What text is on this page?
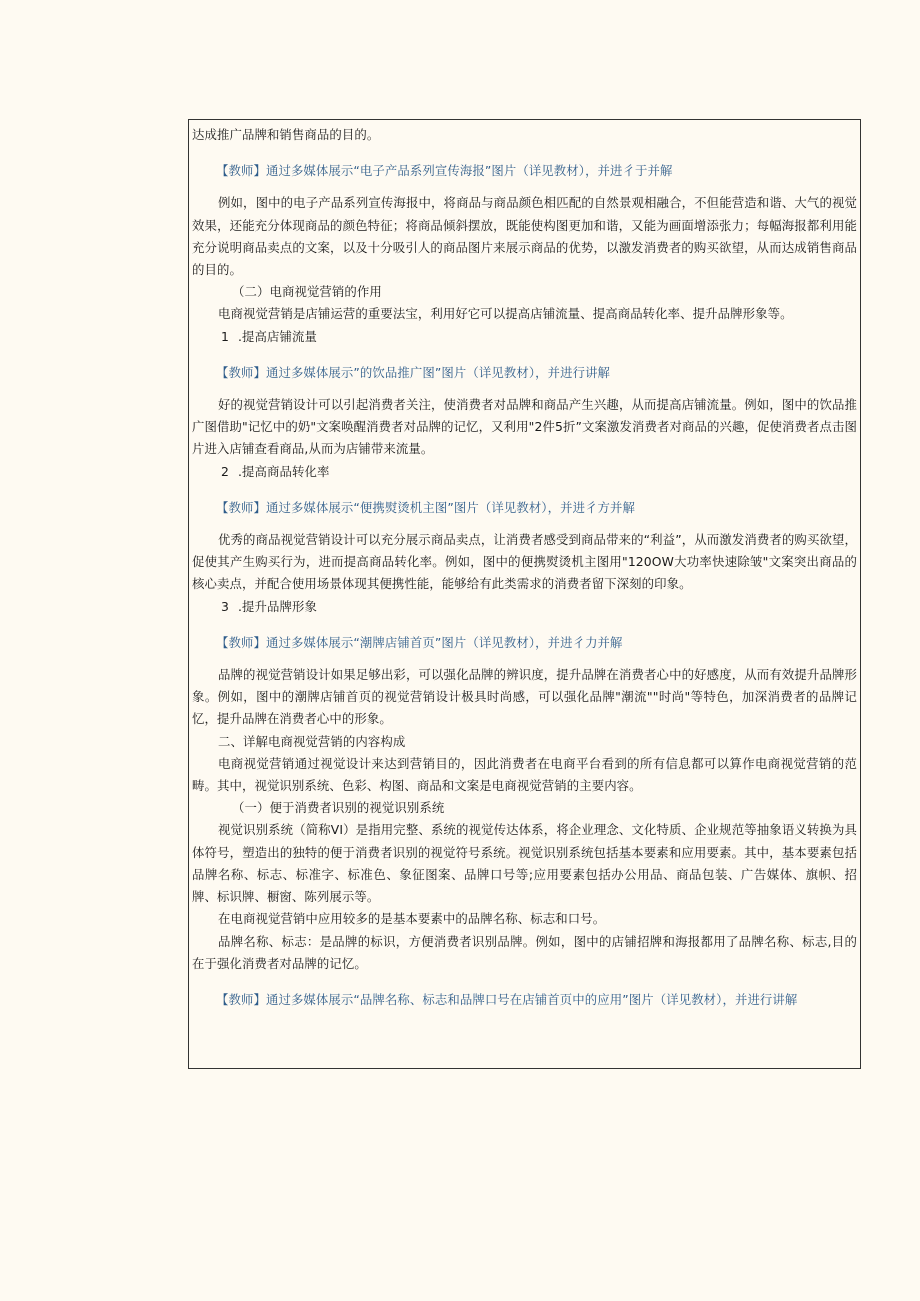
达成推广品牌和销售商品的目的。

【教师】通过多媒体展示“电子产品系列宣传海报”图片（详见教材），并进彳于并解

例如，图中的电子产品系列宣传海报中，将商品与商品颜色相匹配的自然景观相融合，不但能营造和谐、大气的视觉效果，还能充分体现商品的颜色特征；将商品倾斜摆放，既能使构图更加和谐，又能为画面增添张力；每幅海报都利用能充分说明商品卖点的文案，以及十分吸引人的商品图片来展示商品的优势，以激发消费者的购买欲望，从而达成销售商品的目的。

（二）电商视觉营销的作用

电商视觉营销是店铺运营的重要法宝，利用好它可以提高店铺流量、提高商品转化率、提升品牌形象等。

1 .提高店铺流量

【教师】通过多媒体展示”的饮品推广图”图片（详见教材），并进行讲解

好的视觉营销设计可以引起消费者关注，使消费者对品牌和商品产生兴趣，从而提高店铺流量。例如，图中的饮品推广图借助"记忆中的奶"文案唤醒消费者对品牌的记忆，又利用"2件5折”文案激发消费者对商品的兴趣，促使消费者点击图片进入店铺查看商品,从而为店铺带来流量。

2 .提高商品转化率

【教师】通过多媒体展示“便携熨烫机主图”图片（详见教材），并进彳方并解

优秀的商品视觉营销设计可以充分展示商品卖点，让消费者感受到商品带来的“利益”，从而激发消费者的购买欲望，促使其产生购买行为，进而提高商品转化率。例如，图中的便携熨烫机主图用"120OW大功率快速除皱"文案突出商品的核心卖点，并配合使用场景体现其便携性能，能够给有此类需求的消费者留下深刻的印象。

3 .提升品牌形象

【教师】通过多媒体展示“潮牌店铺首页”图片（详见教材），并进彳力并解

品牌的视觉营销设计如果足够出彩，可以强化品牌的辨识度，提升品牌在消费者心中的好感度，从而有效提升品牌形象。例如，图中的潮牌店铺首页的视觉营销设计极具时尚感，可以强化品牌"潮流""时尚"等特色，加深消费者的品牌记忆，提升品牌在消费者心中的形象。

二、详解电商视觉营销的内容构成

电商视觉营销通过视觉设计来达到营销目的，因此消费者在电商平台看到的所有信息都可以算作电商视觉营销的范畴。其中，视觉识别系统、色彩、构图、商品和文案是电商视觉营销的主要内容。

（一）便于消费者识别的视觉识别系统

视觉识别系统（简称VI）是指用完整、系统的视觉传达体系，将企业理念、文化特质、企业规范等抽象语义转换为具体符号，塑造出的独特的便于消费者识别的视觉符号系统。视觉识别系统包括基本要素和应用要素。其中，基本要素包括品牌名称、标志、标准字、标准色、象征图案、品牌口号等;应用要素包括办公用品、商品包装、广告媒体、旗帜、招牌、标识牌、橱窗、陈列展示等。

在电商视觉营销中应用较多的是基本要素中的品牌名称、标志和口号。

品牌名称、标志：是品牌的标识，方便消费者识别品牌。例如，图中的店铺招牌和海报都用了品牌名称、标志,目的在于强化消费者对品牌的记忆。

【教师】通过多媒体展示“品牌名称、标志和品牌口号在店铺首页中的应用”图片（详见教材），并进行讲解
